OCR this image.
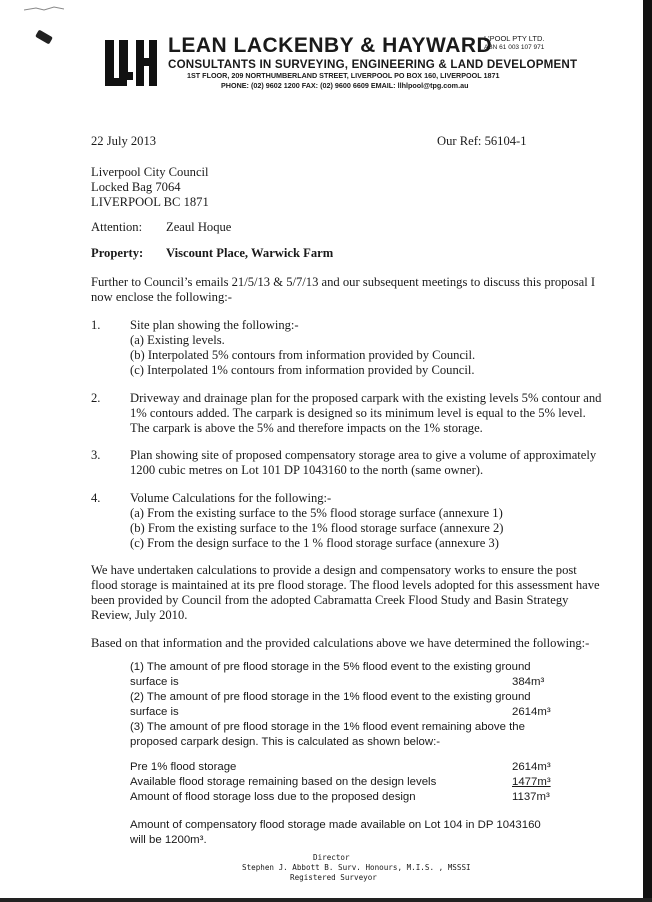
LEAN LACKENBY & HAYWARD
L'POOL PTY LTD.
ABN 61 003 107 971
CONSULTANTS IN SURVEYING, ENGINEERING & LAND DEVELOPMENT
1ST FLOOR, 209 NORTHUMBERLAND STREET, LIVERPOOL PO BOX 160, LIVERPOOL 1871
PHONE: (02) 9602 1200 FAX: (02) 9600 6609 EMAIL: llhlpool@tpg.com.au
22 July 2013	Our Ref: 56104-1
Liverpool City Council
Locked Bag 7064
LIVERPOOL BC 1871
Attention: Zeaul Hoque
Property: Viscount Place, Warwick Farm
Further to Council’s emails 21/5/13 & 5/7/13 and our subsequent meetings to discuss this proposal I
now enclose the following:-
1. Site plan showing the following:-
(a) Existing levels.
(b) Interpolated 5% contours from information provided by Council.
(c) Interpolated 1% contours from information provided by Council.
2. Driveway and drainage plan for the proposed carpark with the existing levels 5% contour and
1% contours added. The carpark is designed so its minimum level is equal to the 5% level.
The carpark is above the 5% and therefore impacts on the 1% storage.
3. Plan showing site of proposed compensatory storage area to give a volume of approximately
1200 cubic metres on Lot 101 DP 1043160 to the north (same owner).
4. Volume Calculations for the following:-
(a) From the existing surface to the 5% flood storage surface (annexure 1)
(b) From the existing surface to the 1% flood storage surface (annexure 2)
(c) From the design surface to the 1 % flood storage surface (annexure 3)
We have undertaken calculations to provide a design and compensatory works to ensure the post
flood storage is maintained at its pre flood storage. The flood levels adopted for this assessment have
been provided by Council from the adopted Cabramatta Creek Flood Study and Basin Strategy
Review, July 2010.
Based on that information and the provided calculations above we have determined the following:-
(1) The amount of pre flood storage in the 5% flood event to the existing ground
surface is	384m³
(2) The amount of pre flood storage in the 1% flood event to the existing ground
surface is	2614m³
(3) The amount of pre flood storage in the 1% flood event remaining above the
proposed carpark design. This is calculated as shown below:-
Pre 1% flood storage	2614m³
Available flood storage remaining based on the design levels	1477m³
Amount of flood storage loss due to the proposed design	1137m³
Amount of compensatory flood storage made available on Lot 104 in DP 1043160
will be 1200m³.
Director
Stephen J. Abbott B. Surv. Honours, M.I.S. , MSSSI
Registered Surveyor
